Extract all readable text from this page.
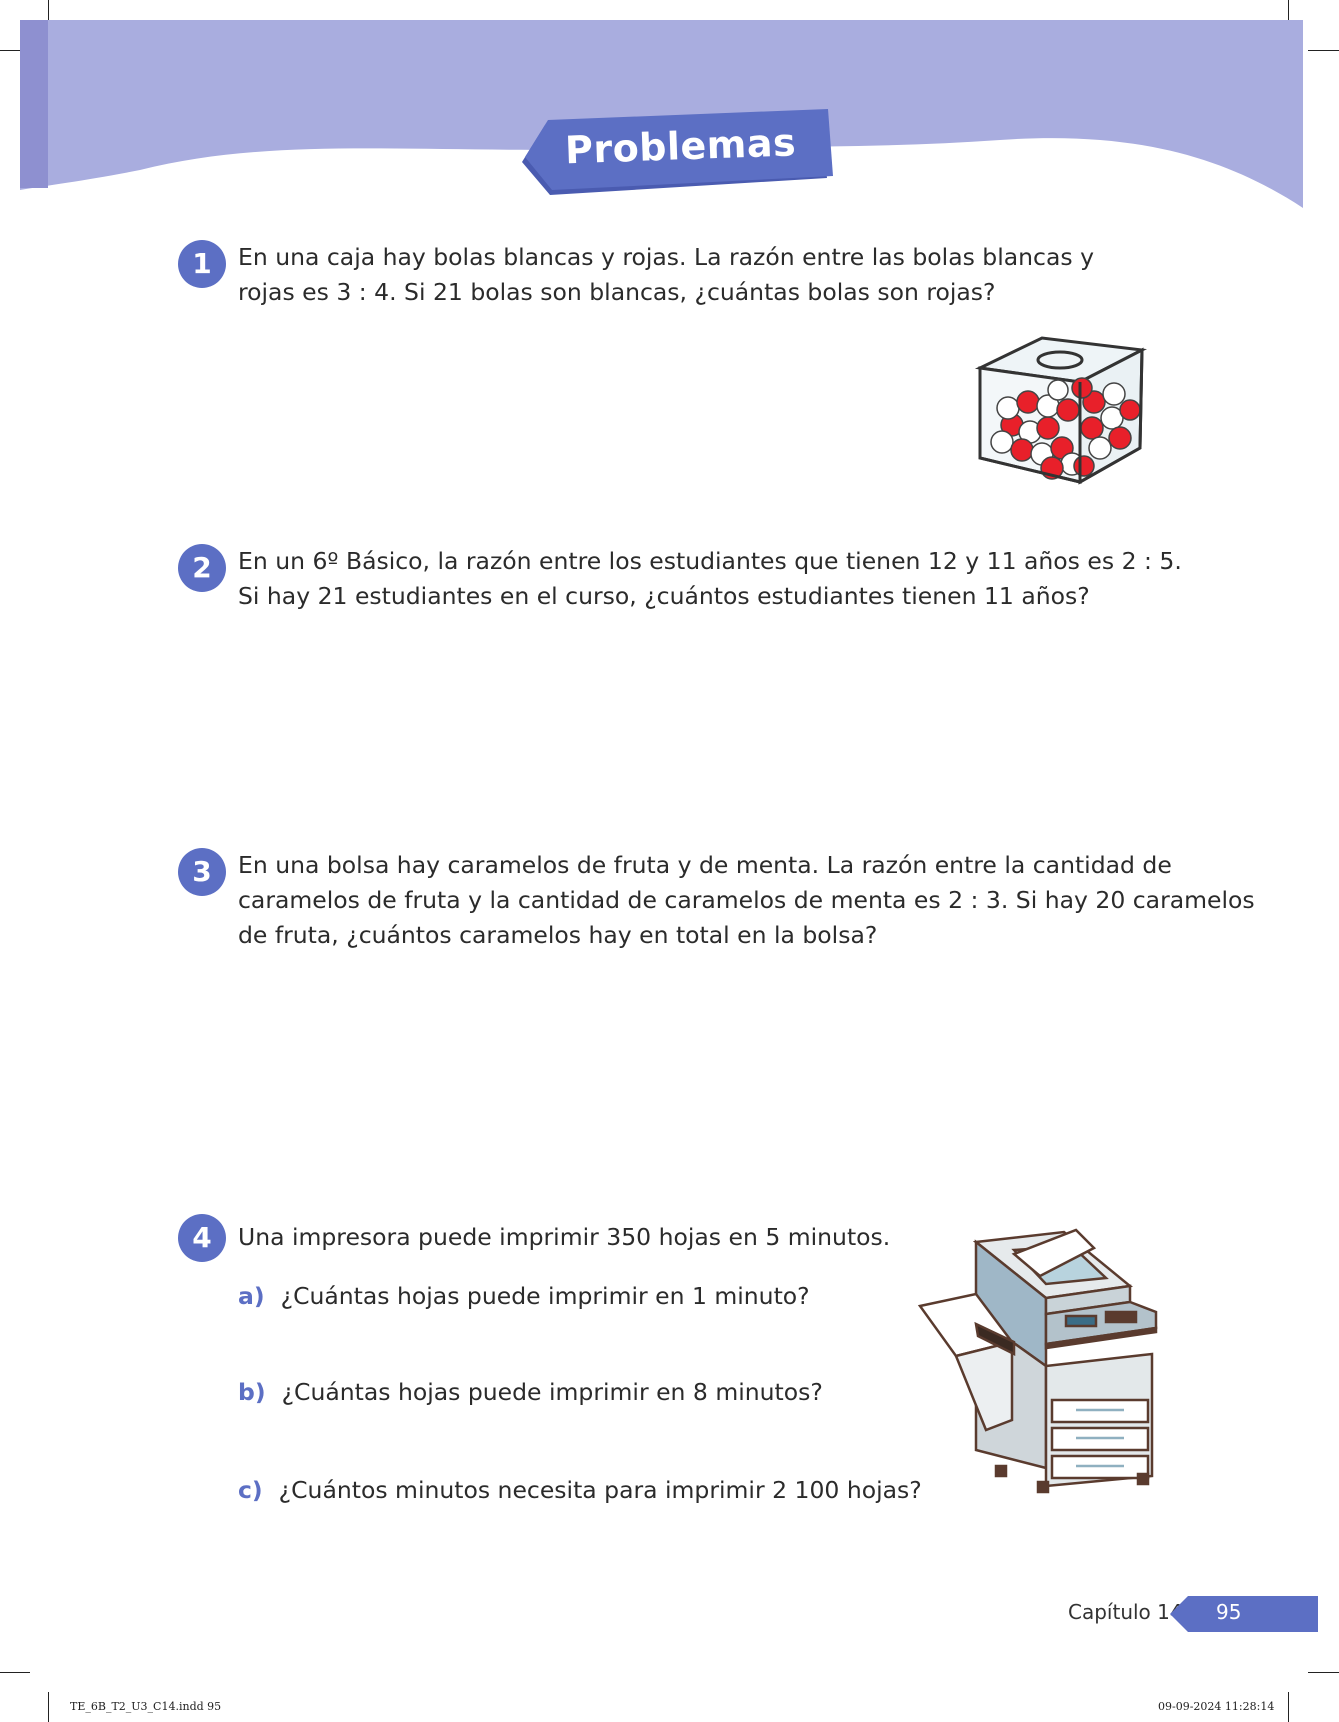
Problemas
1	En una caja hay bolas blancas y rojas. La razón entre las bolas blancas y
rojas es 3 : 4. Si 21 bolas son blancas, ¿cuántas bolas son rojas?
2	En un 6º Básico, la razón entre los estudiantes que tienen 12 y 11 años es 2 : 5.
Si hay 21 estudiantes en el curso, ¿cuántos estudiantes tienen 11 años?
3	En una bolsa hay caramelos de fruta y de menta. La razón entre la cantidad de
caramelos de fruta y la cantidad de caramelos de menta es 2 : 3. Si hay 20 caramelos
de fruta, ¿cuántos caramelos hay en total en la bolsa?
4	Una impresora puede imprimir 350 hojas en 5 minutos.
a) ¿Cuántas hojas puede imprimir en 1 minuto?
b) ¿Cuántas hojas puede imprimir en 8 minutos?
c) ¿Cuántos minutos necesita para imprimir 2 100 hojas?
Capítulo 14 95
TE_6B_T2_U3_C14.indd 95	09-09-2024 11:28:14
